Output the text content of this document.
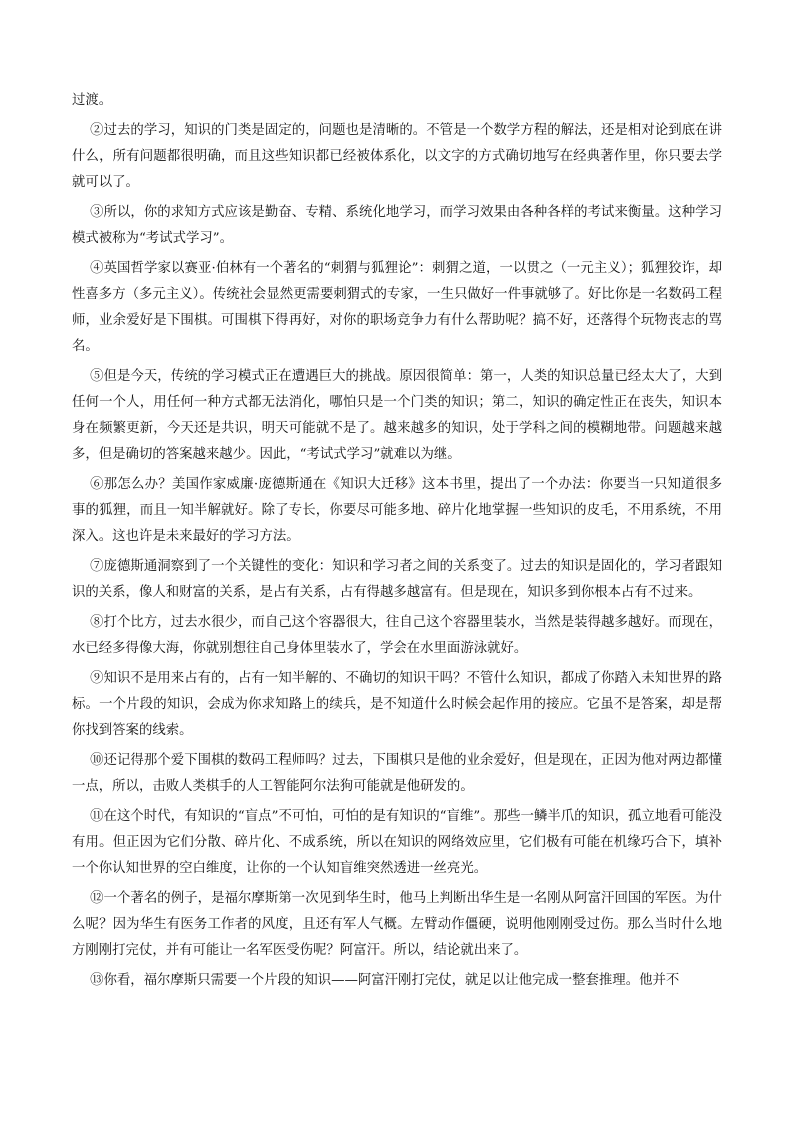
过渡。

②过去的学习，知识的门类是固定的，问题也是清晰的。不管是一个数学方程的解法，还是相对论到底在讲什么，所有问题都很明确，而且这些知识都已经被体系化，以文字的方式确切地写在经典著作里，你只要去学就可以了。

③所以，你的求知方式应该是勤奋、专精、系统化地学习，而学习效果由各种各样的考试来衡量。这种学习模式被称为“考试式学习”。

④英国哲学家以赛亚·伯林有一个著名的“刺猬与狐狸论”：刺猬之道，一以贯之（一元主义）；狐狸狡诈，却性喜多方（多元主义）。传统社会显然更需要刺猬式的专家，一生只做好一件事就够了。好比你是一名数码工程师，业余爱好是下围棋。可围棋下得再好，对你的职场竞争力有什么帮助呢？搞不好，还落得个玩物丧志的骂名。

⑤但是今天，传统的学习模式正在遭遇巨大的挑战。原因很简单：第一，人类的知识总量已经太大了，大到任何一个人，用任何一种方式都无法消化，哪怕只是一个门类的知识；第二，知识的确定性正在丧失，知识本身在频繁更新，今天还是共识，明天可能就不是了。越来越多的知识，处于学科之间的模糊地带。问题越来越多，但是确切的答案越来越少。因此，“考试式学习”就难以为继。

⑥那怎么办？美国作家威廉·庞德斯通在《知识大迁移》这本书里，提出了一个办法：你要当一只知道很多事的狐狸，而且一知半解就好。除了专长，你要尽可能多地、碎片化地掌握一些知识的皮毛，不用系统，不用深入。这也许是未来最好的学习方法。

⑦庞德斯通洞察到了一个关键性的变化：知识和学习者之间的关系变了。过去的知识是固化的，学习者跟知识的关系，像人和财富的关系，是占有关系，占有得越多越富有。但是现在，知识多到你根本占有不过来。

⑧打个比方，过去水很少，而自己这个容器很大，往自己这个容器里装水，当然是装得越多越好。而现在，水已经多得像大海，你就别想往自己身体里装水了，学会在水里面游泳就好。

⑨知识不是用来占有的，占有一知半解的、不确切的知识干吗？不管什么知识，都成了你踏入未知世界的路标。一个片段的知识，会成为你求知路上的续兵，是不知道什么时候会起作用的接应。它虽不是答案，却是帮你找到答案的线索。

⑩还记得那个爱下围棋的数码工程师吗？过去，下围棋只是他的业余爱好，但是现在，正因为他对两边都懂一点，所以，击败人类棋手的人工智能阿尔法狗可能就是他研发的。

⑪在这个时代，有知识的“盲点”不可怕，可怕的是有知识的“盲维”。那些一鳞半爪的知识，孤立地看可能没有用。但正因为它们分散、碎片化、不成系统，所以在知识的网络效应里，它们极有可能在机缘巧合下，填补一个你认知世界的空白维度，让你的一个认知盲维突然透进一丝亮光。

⑫一个著名的例子，是福尔摩斯第一次见到华生时，他马上判断出华生是一名刚从阿富汗回国的军医。为什么呢？因为华生有医务工作者的风度，且还有军人气概。左臂动作僵硬，说明他刚刚受过伤。那么当时什么地方刚刚打完仗，并有可能让一名军医受伤呢？阿富汗。所以，结论就出来了。

⑬你看，福尔摩斯只需要一个片段的知识——阿富汗刚打完仗，就足以让他完成一整套推理。他并不
